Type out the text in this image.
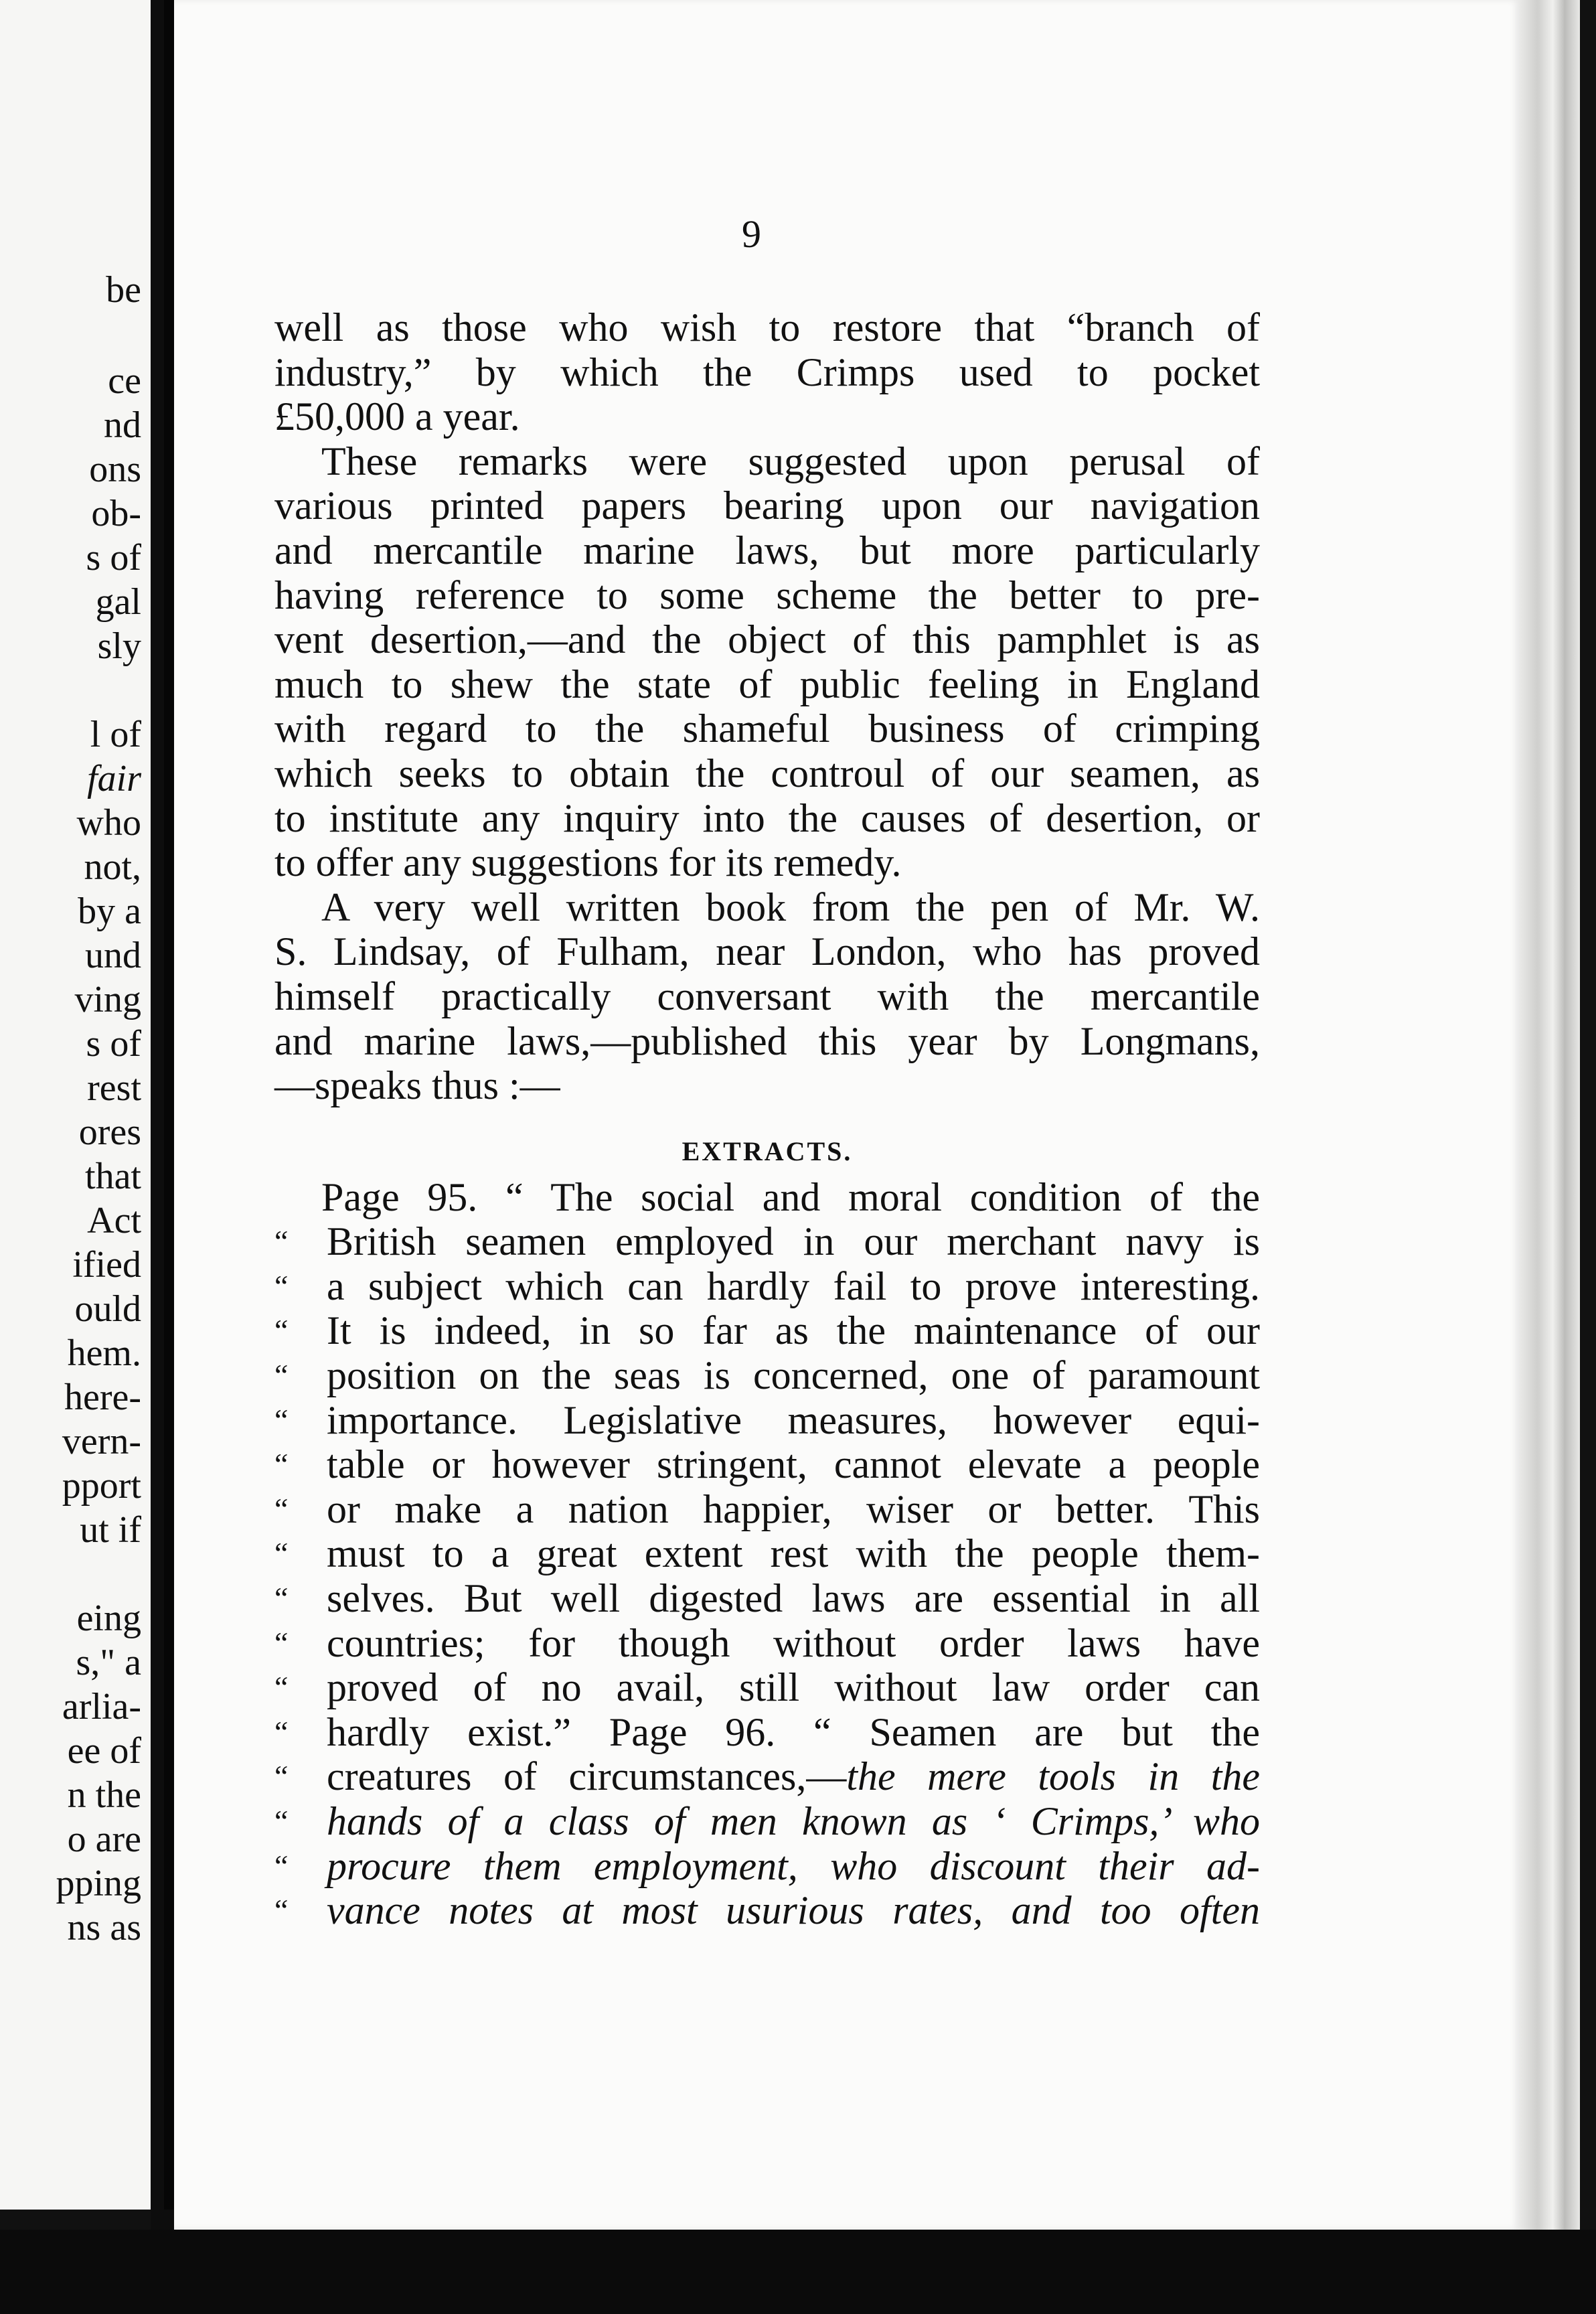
be
ce
nd
ons
ob-
s of
gal
sly
l of
fair
who
not,
by a
und
ving
s of
rest
ores
that
Act
ified
ould
hem.
here-
vern-
pport
ut if
eing
s," a
arlia-
ee of
n the
o are
pping
ns as
9
well as those who wish to restore that “branch of
industry,” by which the Crimps used to pocket
£50,000 a year.
These remarks were suggested upon perusal of
various printed papers bearing upon our navigation
and mercantile marine laws, but more particularly
having reference to some scheme the better to pre-
vent desertion,—and the object of this pamphlet is as
much to shew the state of public feeling in England
with regard to the shameful business of crimping
which seeks to obtain the controul of our seamen, as
to institute any inquiry into the causes of desertion, or
to offer any suggestions for its remedy.
A very well written book from the pen of Mr. W.
S. Lindsay, of Fulham, near London, who has proved
himself practically conversant with the mercantile
and marine laws,—published this year by Longmans,
—speaks thus :—
EXTRACTS.
Page 95. “ The social and moral condition of the
“ British seamen employed in our merchant navy is
“ a subject which can hardly fail to prove interesting.
“ It is indeed, in so far as the maintenance of our
“ position on the seas is concerned, one of paramount
“ importance. Legislative measures, however equi-
“ table or however stringent, cannot elevate a people
“ or make a nation happier, wiser or better. This
“ must to a great extent rest with the people them-
“ selves. But well digested laws are essential in all
“ countries; for though without order laws have
“ proved of no avail, still without law order can
“ hardly exist.” Page 96. “ Seamen are but the
“ creatures of circumstances,—the mere tools in the
“ hands of a class of men known as ‘ Crimps,’ who
“ procure them employment, who discount their ad-
“ vance notes at most usurious rates, and too often
